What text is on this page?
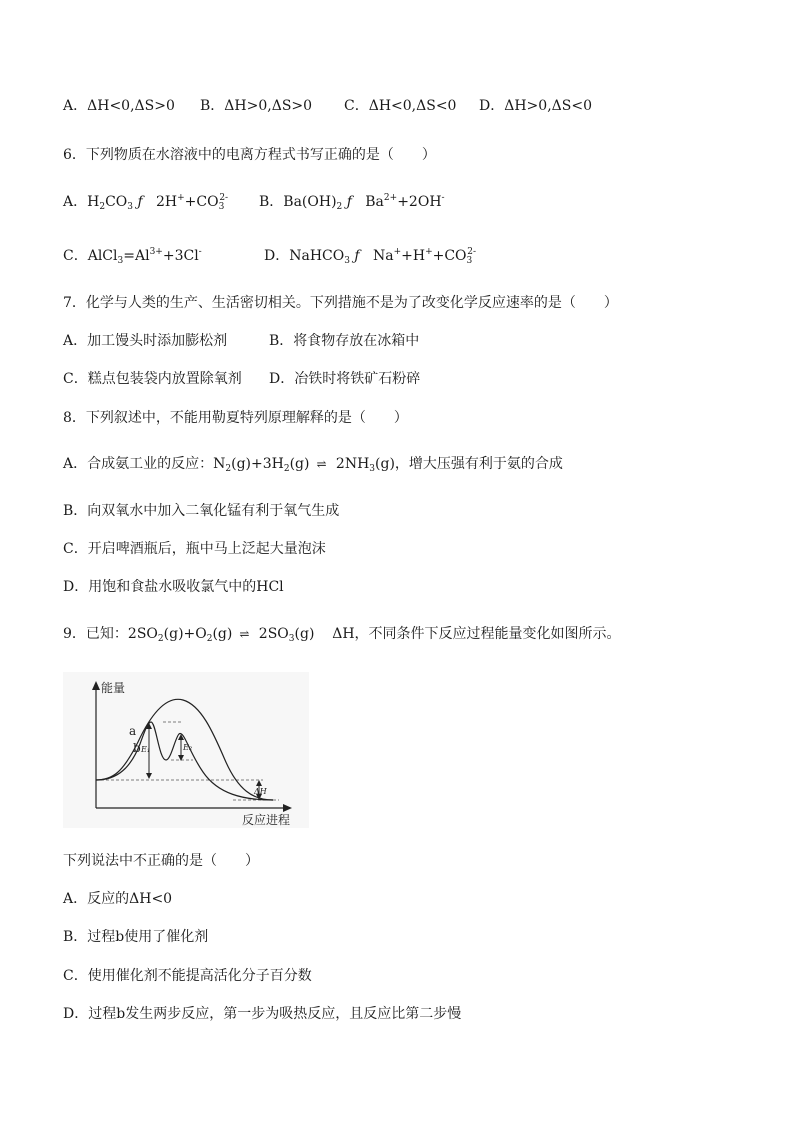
A．ΔH<0,ΔS>0 B．ΔH>0,ΔS>0 C．ΔH<0,ΔS<0 D．ΔH>0,ΔS<0
6．下列物质在水溶液中的电离方程式书写正确的是（　　）
A．$H_2CO_3$ ƒ   $2H^++CO_3^{2-}$ B．$Ba(OH)_2$ ƒ   $Ba^{2+}+2OH^-$
C．$AlCl_3=Al^{3+}+3Cl^-$	D．NaHCO$_3$ ƒ   $Na^++H^++CO_3^{2-}$
7．化学与人类的生产、生活密切相关。下列措施不是为了改变化学反应速率的是（　　）
A．加工馒头时添加膨松剂	B．将食物存放在冰箱中
C．糕点包装袋内放置除氧剂 D．冶铁时将铁矿石粉碎
8．下列叙述中，不能用勒夏特列原理解释的是（　　）
A．合成氨工业的反应：$N_2(g)+3H_2(g)$ ⇌ $2NH_3(g)$，增大压强有利于氨的合成
B．向双氧水中加入二氧化锰有利于氧气生成
C．开启啤酒瓶后，瓶中马上泛起大量泡沫
D．用饱和食盐水吸收氯气中的HCl
9．已知：$2SO_2(g)+O_2(g)$ ⇌ $2SO_3(g)$    ΔH，不同条件下反应过程能量变化如图所示。
能量
反应进程
E₁	E₂
ΔH
a
b
下列说法中不正确的是（　　）
A．反应的ΔH<0
B．过程b使用了催化剂
C．使用催化剂不能提高活化分子百分数
D．过程b发生两步反应，第一步为吸热反应，且反应比第二步慢
